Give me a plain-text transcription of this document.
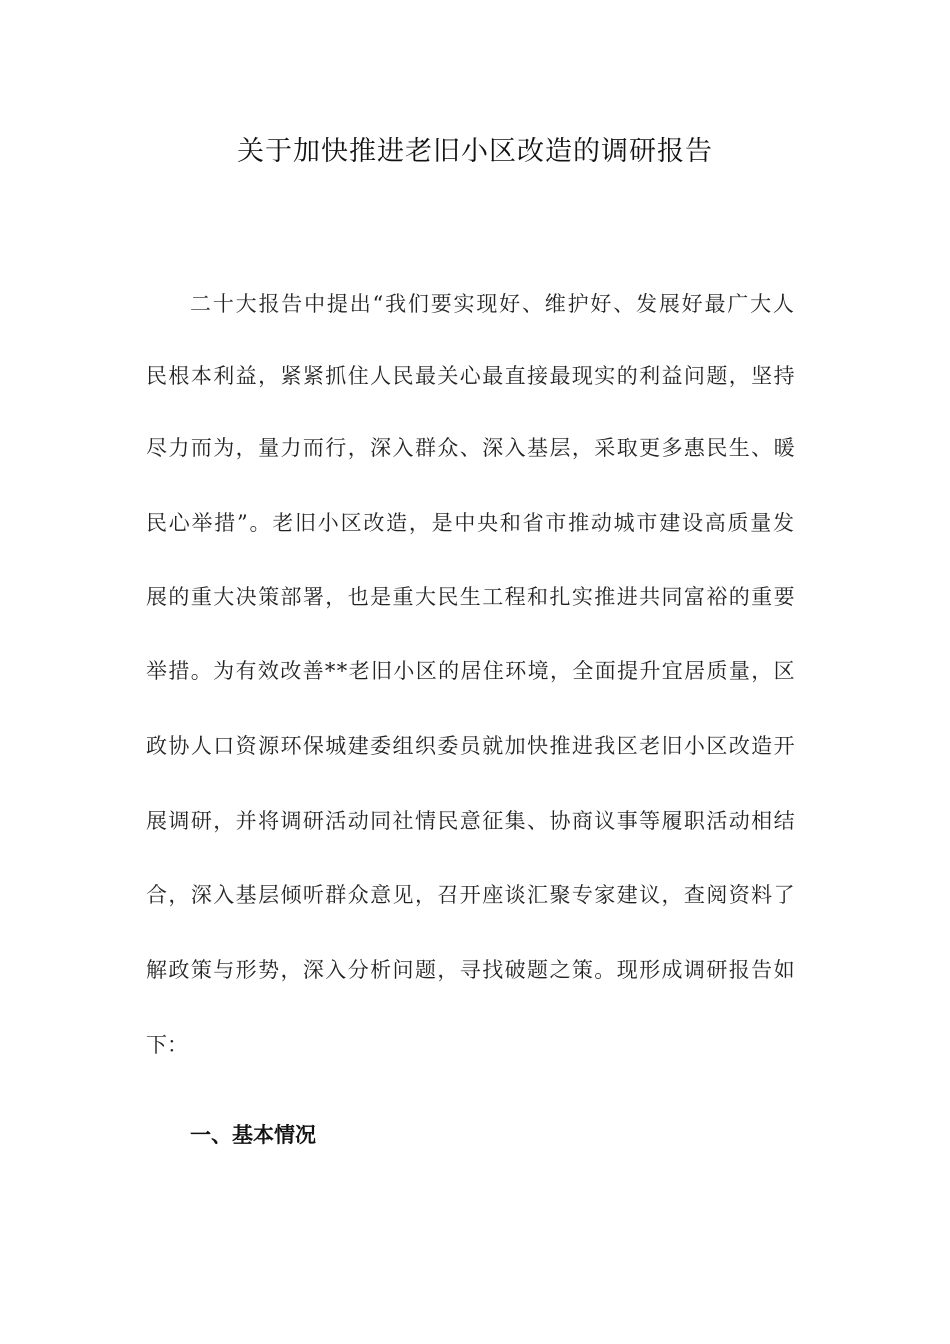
关于加快推进老旧小区改造的调研报告
二十大报告中提出“我们要实现好、维护好、发展好最广大人
民根本利益，紧紧抓住人民最关心最直接最现实的利益问题，坚持
尽力而为，量力而行，深入群众、深入基层，采取更多惠民生、暖
民心举措”。老旧小区改造，是中央和省市推动城市建设高质量发
展的重大决策部署，也是重大民生工程和扎实推进共同富裕的重要
举措。为有效改善**老旧小区的居住环境，全面提升宜居质量，区
政协人口资源环保城建委组织委员就加快推进我区老旧小区改造开
展调研，并将调研活动同社情民意征集、协商议事等履职活动相结
合，深入基层倾听群众意见，召开座谈汇聚专家建议，查阅资料了
解政策与形势，深入分析问题，寻找破题之策。现形成调研报告如
下：
一、基本情况
